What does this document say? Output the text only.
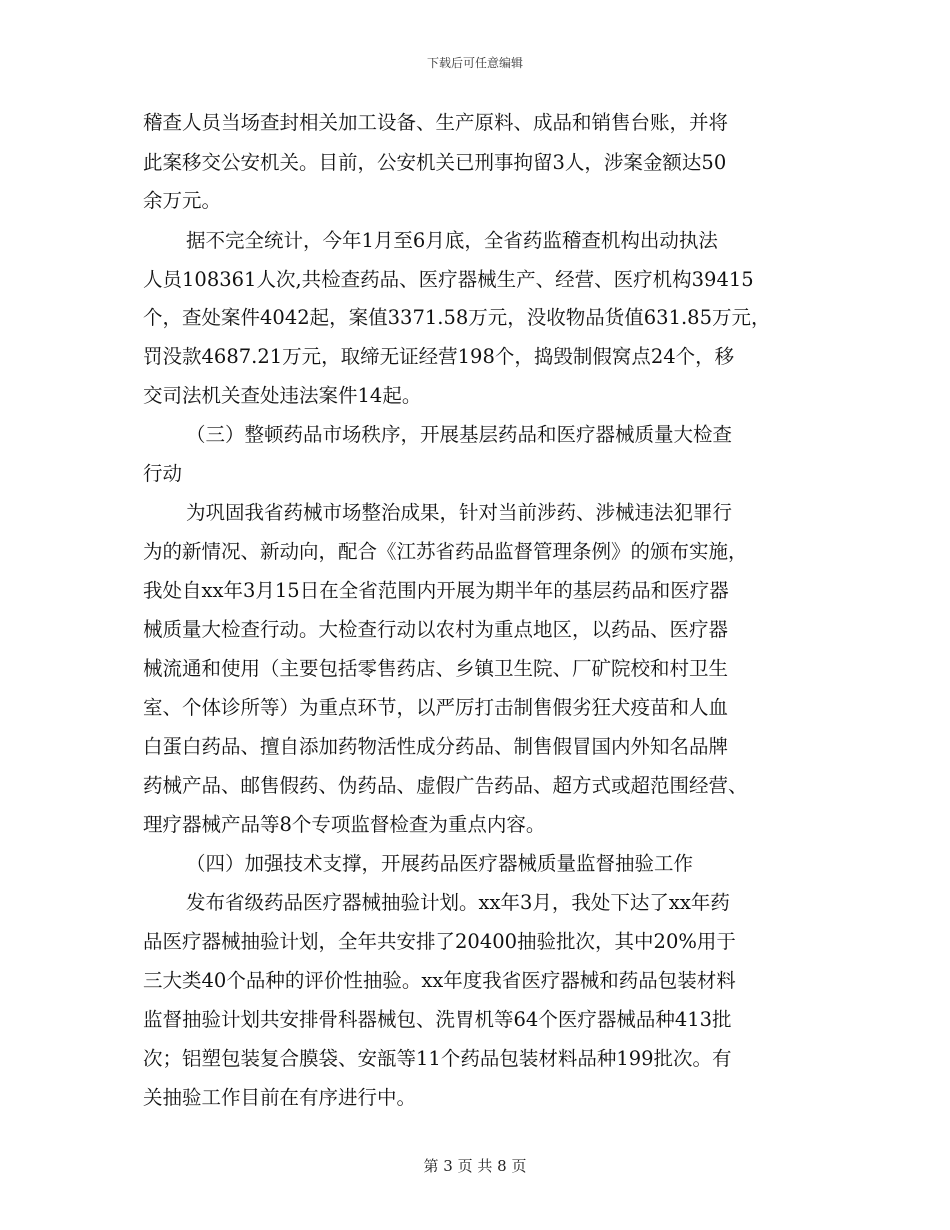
下载后可任意编辑
稽查人员当场查封相关加工设备、生产原料、成品和销售台账，并将
此案移交公安机关。目前，公安机关已刑事拘留3人，涉案金额达50
余万元。
据不完全统计，今年1月至6月底，全省药监稽查机构出动执法
人员108361人次,共检查药品、医疗器械生产、经营、医疗机构39415
个，查处案件4042起，案值3371.58万元，没收物品货值631.85万元，
罚没款4687.21万元，取缔无证经营198个，捣毁制假窝点24个，移
交司法机关查处违法案件14起。
（三）整顿药品市场秩序，开展基层药品和医疗器械质量大检查
行动
为巩固我省药械市场整治成果，针对当前涉药、涉械违法犯罪行
为的新情况、新动向，配合《江苏省药品监督管理条例》的颁布实施，
我处自xx年3月15日在全省范围内开展为期半年的基层药品和医疗器
械质量大检查行动。大检查行动以农村为重点地区，以药品、医疗器
械流通和使用（主要包括零售药店、乡镇卫生院、厂矿院校和村卫生
室、个体诊所等）为重点环节，以严厉打击制售假劣狂犬疫苗和人血
白蛋白药品、擅自添加药物活性成分药品、制售假冒国内外知名品牌
药械产品、邮售假药、伪药品、虚假广告药品、超方式或超范围经营、
理疗器械产品等8个专项监督检查为重点内容。
（四）加强技术支撑，开展药品医疗器械质量监督抽验工作
发布省级药品医疗器械抽验计划。xx年3月，我处下达了xx年药
品医疗器械抽验计划，全年共安排了20400抽验批次，其中20%用于
三大类40个品种的评价性抽验。xx年度我省医疗器械和药品包装材料
监督抽验计划共安排骨科器械包、洗胃机等64个医疗器械品种413批
次；铝塑包装复合膜袋、安瓿等11个药品包装材料品种199批次。有
关抽验工作目前在有序进行中。
第 3 页 共 8 页
